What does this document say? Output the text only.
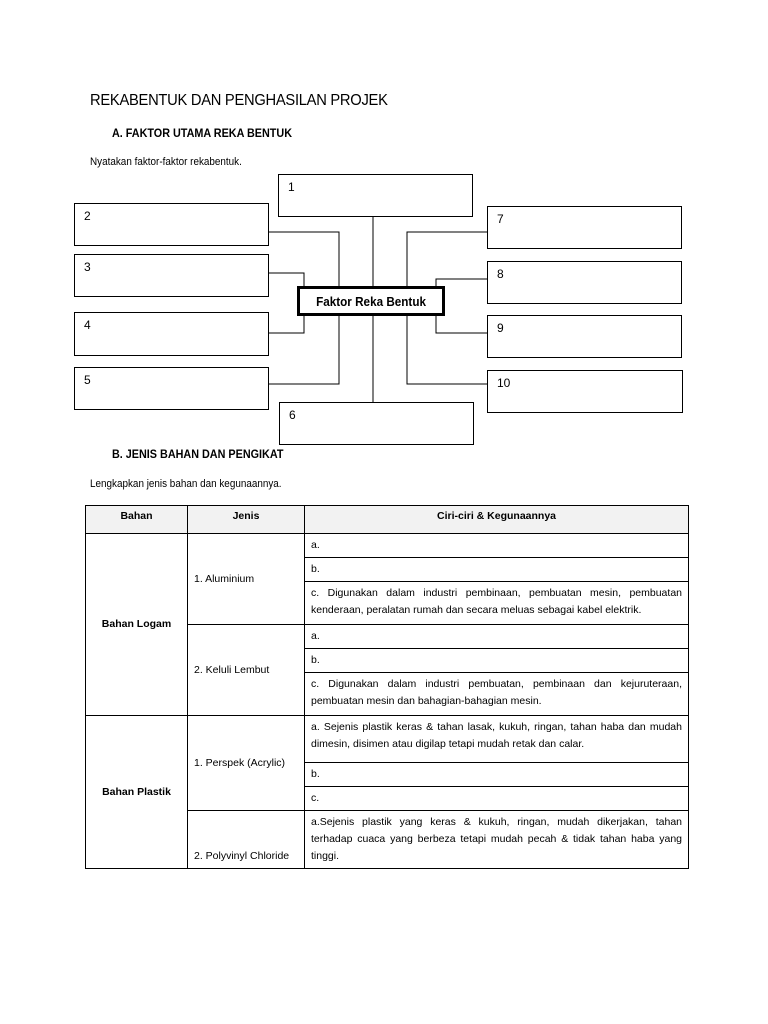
REKABENTUK DAN PENGHASILAN PROJEK
A. FAKTOR UTAMA REKA BENTUK
Nyatakan faktor-faktor rekabentuk.
1
2
3
4
5
6
7
8
9
10
Faktor Reka Bentuk
B. JENIS BAHAN DAN PENGIKAT
Lengkapkan jenis bahan dan kegunaannya.
Bahan	Jenis	Ciri-ciri & Kegunaannya
Bahan Logam	1. Aluminium	a.
		b.
		c. Digunakan dalam industri pembinaan, pembuatan mesin, pembuatan kenderaan, peralatan rumah dan secara meluas sebagai kabel elektrik.
	2. Keluli Lembut	a.
		b.
		c. Digunakan dalam industri pembuatan, pembinaan dan kejuruteraan, pembuatan mesin dan bahagian-bahagian mesin.
Bahan Plastik	1. Perspek (Acrylic)	a. Sejenis plastik keras & tahan lasak, kukuh, ringan, tahan haba dan mudah dimesin, disimen atau digilap tetapi mudah retak dan calar.
		b.
		c.
	2. Polyvinyl Chloride	a.Sejenis plastik yang keras & kukuh, ringan, mudah dikerjakan, tahan terhadap cuaca yang berbeza tetapi mudah pecah & tidak tahan haba yang tinggi.
